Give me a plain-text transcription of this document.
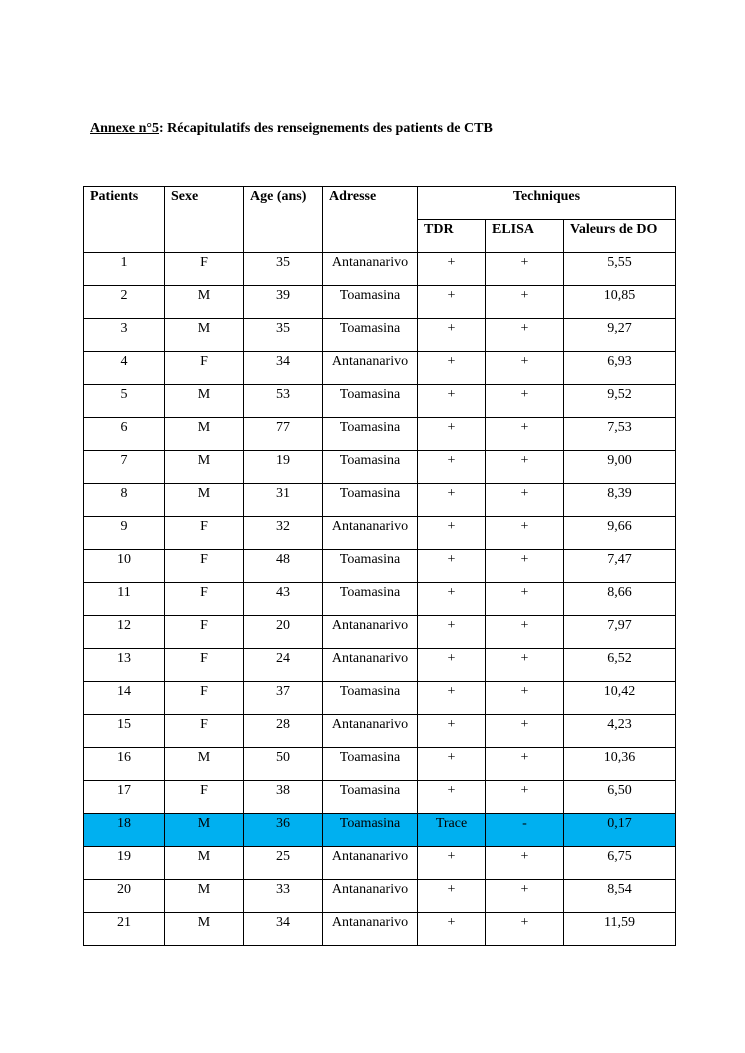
Annexe n°5: Récapitulatifs des renseignements des patients de CTB
Patients	Sexe	Age (ans)	Adresse	Techniques		
				TDR	ELISA	Valeurs de DO
1	F	35	Antananarivo	+	+	5,55
2	M	39	Toamasina	+	+	10,85
3	M	35	Toamasina	+	+	9,27
4	F	34	Antananarivo	+	+	6,93
5	M	53	Toamasina	+	+	9,52
6	M	77	Toamasina	+	+	7,53
7	M	19	Toamasina	+	+	9,00
8	M	31	Toamasina	+	+	8,39
9	F	32	Antananarivo	+	+	9,66
10	F	48	Toamasina	+	+	7,47
11	F	43	Toamasina	+	+	8,66
12	F	20	Antananarivo	+	+	7,97
13	F	24	Antananarivo	+	+	6,52
14	F	37	Toamasina	+	+	10,42
15	F	28	Antananarivo	+	+	4,23
16	M	50	Toamasina	+	+	10,36
17	F	38	Toamasina	+	+	6,50
18	M	36	Toamasina	Trace	-	0,17
19	M	25	Antananarivo	+	+	6,75
20	M	33	Antananarivo	+	+	8,54
21	M	34	Antananarivo	+	+	11,59
